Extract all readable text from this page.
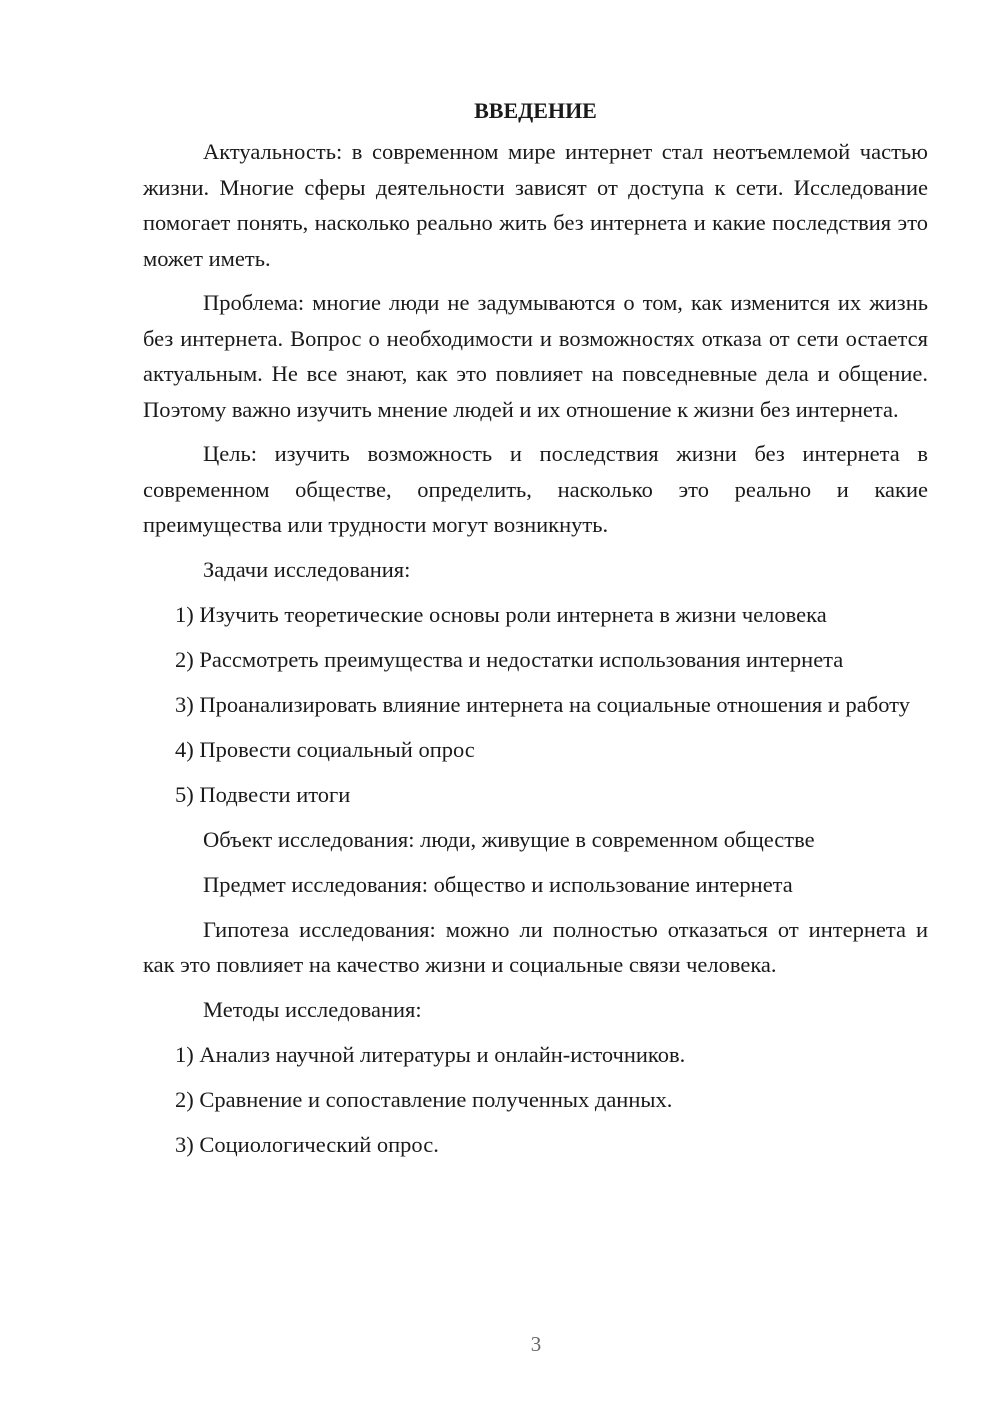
ВВЕДЕНИЕ

Актуальность: в современном мире интернет стал неотъемлемой частью жизни. Многие сферы деятельности зависят от доступа к сети. Исследование помогает понять, насколько реально жить без интернета и какие последствия это может иметь.

Проблема: многие люди не задумываются о том, как изменится их жизнь без интернета. Вопрос о необходимости и возможностях отказа от сети остается актуальным. Не все знают, как это повлияет на повседневные дела и общение. Поэтому важно изучить мнение людей и их отношение к жизни без интернета.

Цель: изучить возможность и последствия жизни без интернета в современном обществе, определить, насколько это реально и какие преимущества или трудности могут возникнуть.

Задачи исследования:
1) Изучить теоретические основы роли интернета в жизни человека
2) Рассмотреть преимущества и недостатки использования интернета
3) Проанализировать влияние интернета на социальные отношения и работу
4) Провести социальный опрос
5) Подвести итоги
Объект исследования: люди, живущие в современном обществе
Предмет исследования: общество и использование интернета

Гипотеза исследования: можно ли полностью отказаться от интернета и как это повлияет на качество жизни и социальные связи человека.

Методы исследования:
1) Анализ научной литературы и онлайн-источников.
2) Сравнение и сопоставление полученных данных.
3) Социологический опрос.
3
